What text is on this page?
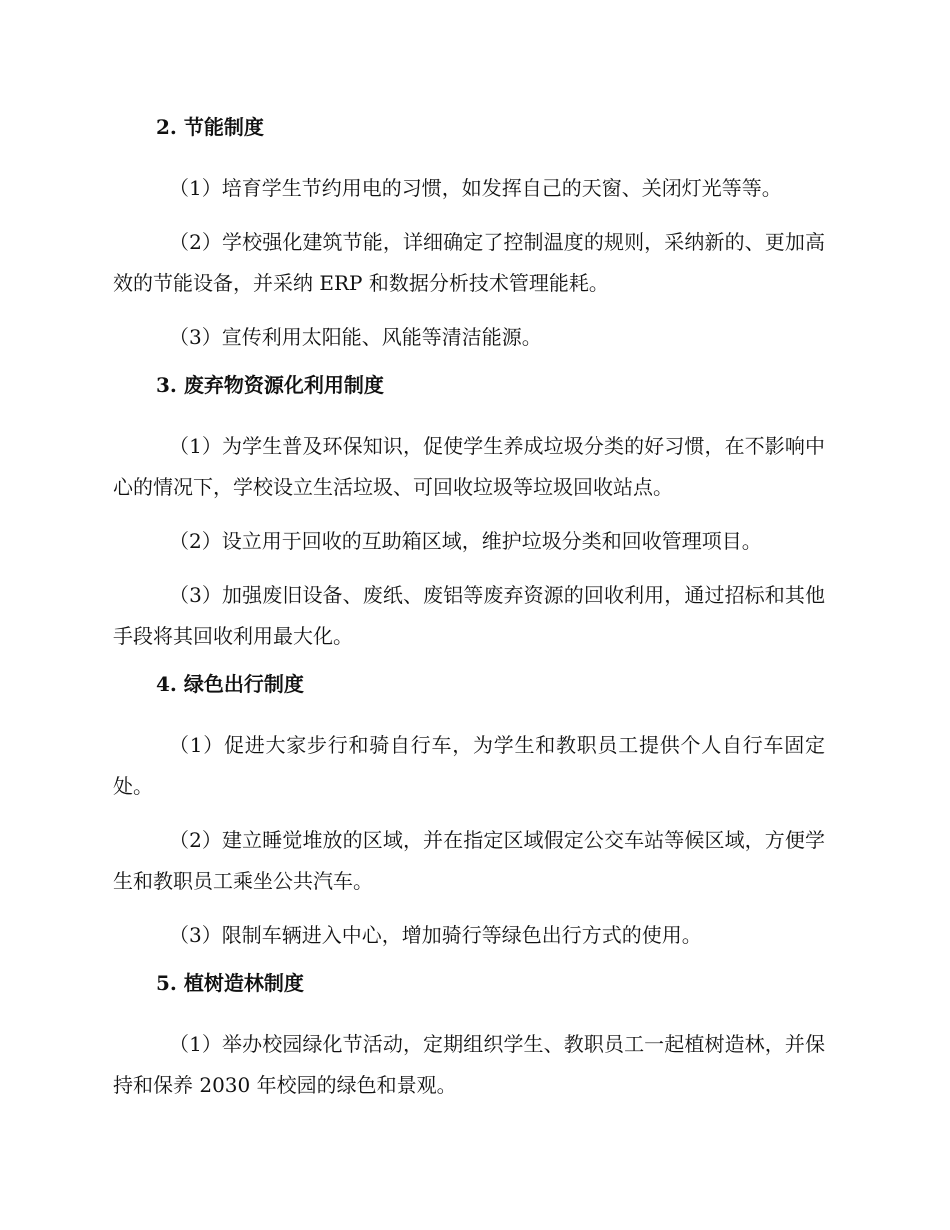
2. 节能制度

（1）培育学生节约用电的习惯，如发挥自己的天窗、关闭灯光等等。

（2）学校强化建筑节能，详细确定了控制温度的规则，采纳新的、更加高效的节能设备，并采纳 ERP 和数据分析技术管理能耗。

（3）宣传利用太阳能、风能等清洁能源。

3. 废弃物资源化利用制度

（1）为学生普及环保知识，促使学生养成垃圾分类的好习惯，在不影响中心的情况下，学校设立生活垃圾、可回收垃圾等垃圾回收站点。

（2）设立用于回收的互助箱区域，维护垃圾分类和回收管理项目。

（3）加强废旧设备、废纸、废铝等废弃资源的回收利用，通过招标和其他手段将其回收利用最大化。

4. 绿色出行制度

（1）促进大家步行和骑自行车，为学生和教职员工提供个人自行车固定处。

（2）建立睡觉堆放的区域，并在指定区域假定公交车站等候区域，方便学生和教职员工乘坐公共汽车。

（3）限制车辆进入中心，增加骑行等绿色出行方式的使用。

5. 植树造林制度

（1）举办校园绿化节活动，定期组织学生、教职员工一起植树造林，并保持和保养 2030 年校园的绿色和景观。
